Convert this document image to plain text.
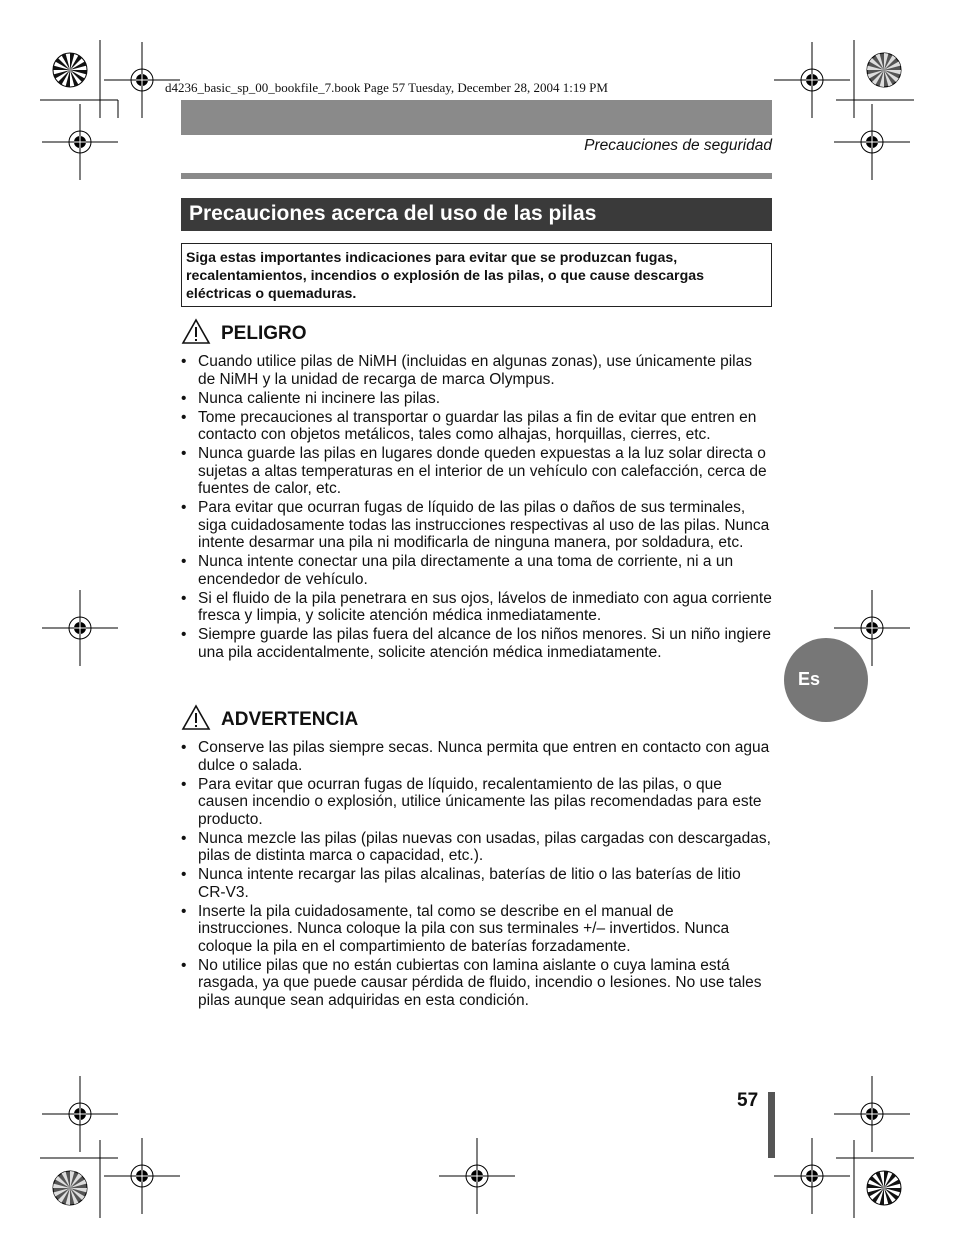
d4236_basic_sp_00_bookfile_7.book Page 57 Tuesday, December 28, 2004 1:19 PM
Precauciones de seguridad
Precauciones acerca del uso de las pilas
Siga estas importantes indicaciones para evitar que se produzcan fugas, recalentamientos, incendios o explosión de las pilas, o que cause descargas eléctricas o quemaduras.
PELIGRO
• Cuando utilice pilas de NiMH (incluidas en algunas zonas), use únicamente pilas de NiMH y la unidad de recarga de marca Olympus.
• Nunca caliente ni incinere las pilas.
• Tome precauciones al transportar o guardar las pilas a fin de evitar que entren en contacto con objetos metálicos, tales como alhajas, horquillas, cierres, etc.
• Nunca guarde las pilas en lugares donde queden expuestas a la luz solar directa o sujetas a altas temperaturas en el interior de un vehículo con calefacción, cerca de fuentes de calor, etc.
• Para evitar que ocurran fugas de líquido de las pilas o daños de sus terminales, siga cuidadosamente todas las instrucciones respectivas al uso de las pilas. Nunca intente desarmar una pila ni modificarla de ninguna manera, por soldadura, etc.
• Nunca intente conectar una pila directamente a una toma de corriente, ni a un encendedor de vehículo.
• Si el fluido de la pila penetrara en sus ojos, lávelos de inmediato con agua corriente fresca y limpia, y solicite atención médica inmediatamente.
• Siempre guarde las pilas fuera del alcance de los niños menores. Si un niño ingiere una pila accidentalmente, solicite atención médica inmediatamente.
ADVERTENCIA
• Conserve las pilas siempre secas. Nunca permita que entren en contacto con agua dulce o salada.
• Para evitar que ocurran fugas de líquido, recalentamiento de las pilas, o que causen incendio o explosión, utilice únicamente las pilas recomendadas para este producto.
• Nunca mezcle las pilas (pilas nuevas con usadas, pilas cargadas con descargadas, pilas de distinta marca o capacidad, etc.).
• Nunca intente recargar las pilas alcalinas, baterías de litio o las baterías de litio CR-V3.
• Inserte la pila cuidadosamente, tal como se describe en el manual de instrucciones. Nunca coloque la pila con sus terminales +/– invertidos. Nunca coloque la pila en el compartimiento de baterías forzadamente.
• No utilice pilas que no están cubiertas con lamina aislante o cuya lamina está rasgada, ya que puede causar pérdida de fluido, incendio o lesiones. No use tales pilas aunque sean adquiridas en esta condición.
Es
57
